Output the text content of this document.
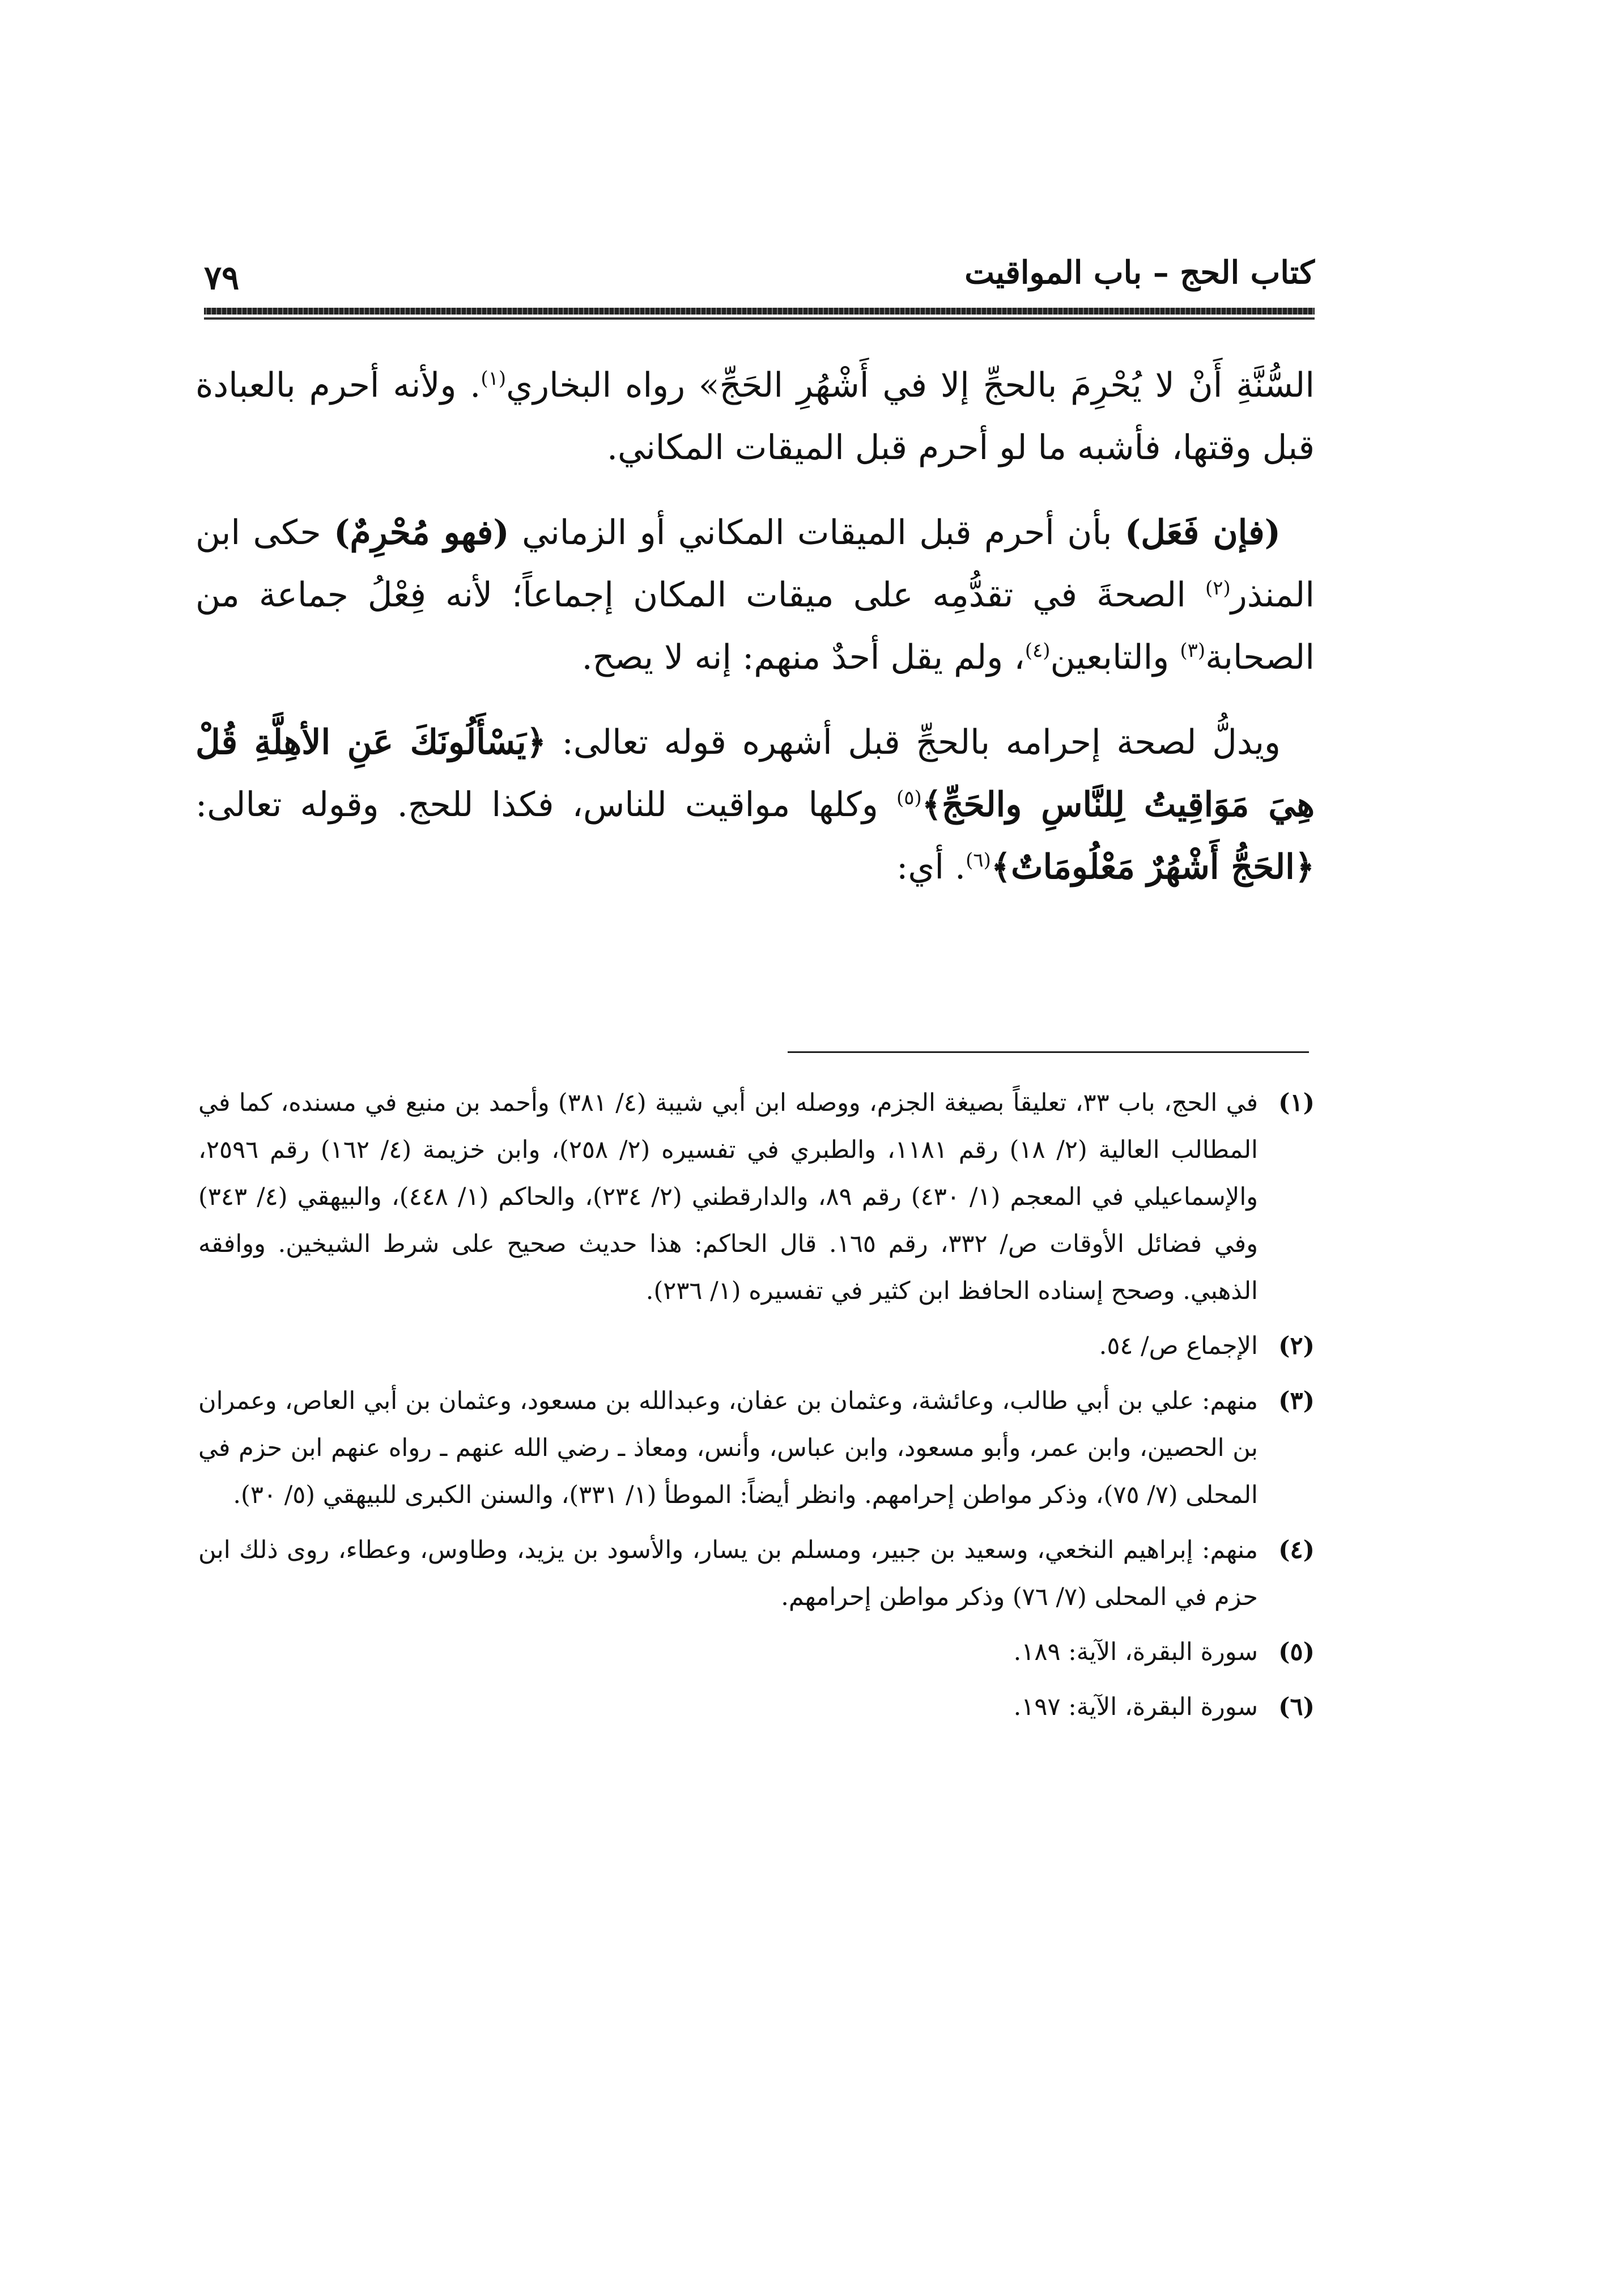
كتاب الحج – باب المواقيت
٧٩

السُّنَّةِ أَنْ لا يُحْرِمَ بالحجِّ إلا في أَشْهُرِ الحَجِّ» رواه البخاري$^{(١)}$. ولأنه أحرم بالعبادة قبل وقتها، فأشبه ما لو أحرم قبل الميقات المكاني.

(فإن فَعَل) بأن أحرم قبل الميقات المكاني أو الزماني (فهو مُحْرِمٌ) حكى ابن المنذر$^{(٢)}$ الصحةَ في تقدُّمِه على ميقات المكان إجماعاً؛ لأنه فِعْلُ جماعة من الصحابة$^{(٣)}$ والتابعين$^{(٤)}$، ولم يقل أحدٌ منهم: إنه لا يصح.

ويدلُّ لصحة إحرامه بالحجِّ قبل أشهره قوله تعالى: ﴿يَسْأَلُونَكَ عَنِ الأهِلَّةِ قُلْ هِيَ مَوَاقِيتُ لِلنَّاسِ والحَجِّ﴾$^{(٥)}$ وكلها مواقيت للناس، فكذا للحج. وقوله تعالى: ﴿الحَجُّ أَشْهُرٌ مَعْلُومَاتٌ﴾$^{(٦)}$. أي:

(١)
في الحج، باب ٣٣، تعليقاً بصيغة الجزم، ووصله ابن أبي شيبة (٤/ ٣٨١) وأحمد بن منيع في مسنده، كما في المطالب العالية (٢/ ١٨) رقم ١١٨١، والطبري في تفسيره (٢/ ٢٥٨)، وابن خزيمة (٤/ ١٦٢) رقم ٢٥٩٦، والإسماعيلي في المعجم (١/ ٤٣٠) رقم ٨٩، والدارقطني (٢/ ٢٣٤)، والحاكم (١/ ٤٤٨)، والبيهقي (٤/ ٣٤٣) وفي فضائل الأوقات ص/ ٣٣٢، رقم ١٦٥. قال الحاكم: هذا حديث صحيح على شرط الشيخين. ووافقه الذهبي. وصحح إسناده الحافظ ابن كثير في تفسيره (١/ ٢٣٦).
(٢)
الإجماع ص/ ٥٤.
(٣)
منهم: علي بن أبي طالب، وعائشة، وعثمان بن عفان، وعبدالله بن مسعود، وعثمان بن أبي العاص، وعمران بن الحصين، وابن عمر، وأبو مسعود، وابن عباس، وأنس، ومعاذ ـ رضي الله عنهم ـ رواه عنهم ابن حزم في المحلى (٧/ ٧٥)، وذكر مواطن إحرامهم. وانظر أيضاً: الموطأ (١/ ٣٣١)، والسنن الكبرى للبيهقي (٥/ ٣٠).
(٤)
منهم: إبراهيم النخعي، وسعيد بن جبير، ومسلم بن يسار، والأسود بن يزيد، وطاوس، وعطاء، روى ذلك ابن حزم في المحلى (٧/ ٧٦) وذكر مواطن إحرامهم.
(٥)
سورة البقرة، الآية: ١٨٩.
(٦)
سورة البقرة، الآية: ١٩٧.
